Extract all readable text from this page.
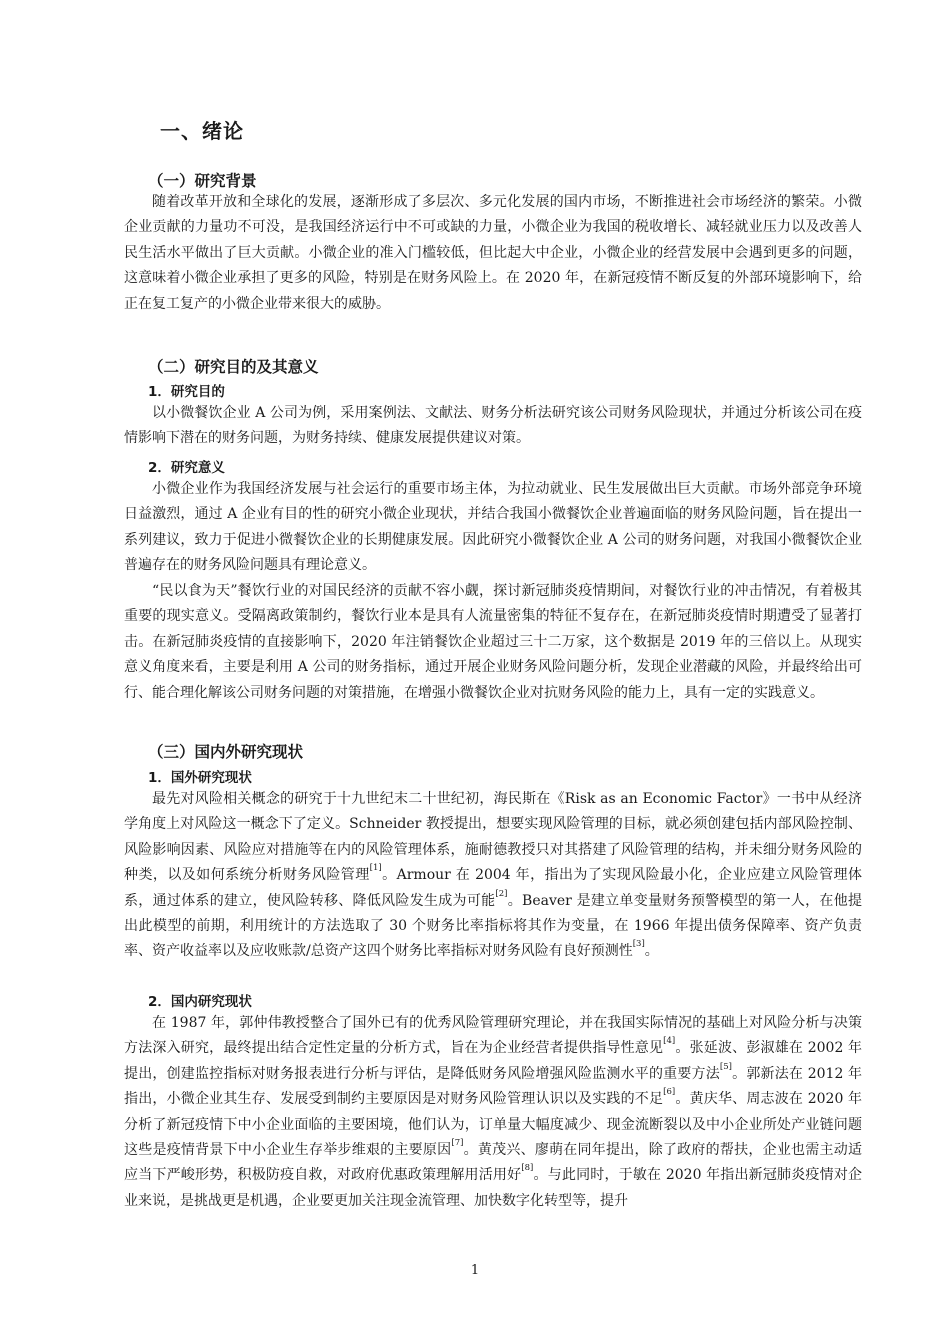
一、绪论
（一）研究背景
随着改革开放和全球化的发展，逐渐形成了多层次、多元化发展的国内市场，不断推进社会市场经济的繁荣。小微企业贡献的力量功不可没，是我国经济运行中不可或缺的力量，小微企业为我国的税收增长、减轻就业压力以及改善人民生活水平做出了巨大贡献。小微企业的准入门槛较低，但比起大中企业，小微企业的经营发展中会遇到更多的问题，这意味着小微企业承担了更多的风险，特别是在财务风险上。在 2020 年，在新冠疫情不断反复的外部环境影响下，给正在复工复产的小微企业带来很大的威胁。
（二）研究目的及其意义
1．研究目的
以小微餐饮企业 A 公司为例，采用案例法、文献法、财务分析法研究该公司财务风险现状，并通过分析该公司在疫情影响下潜在的财务问题，为财务持续、健康发展提供建议对策。
2．研究意义
小微企业作为我国经济发展与社会运行的重要市场主体，为拉动就业、民生发展做出巨大贡献。市场外部竞争环境日益激烈，通过 A 企业有目的性的研究小微企业现状，并结合我国小微餐饮企业普遍面临的财务风险问题，旨在提出一系列建议，致力于促进小微餐饮企业的长期健康发展。因此研究小微餐饮企业 A 公司的财务问题，对我国小微餐饮企业普遍存在的财务风险问题具有理论意义。
“民以食为天”餐饮行业的对国民经济的贡献不容小觑，探讨新冠肺炎疫情期间，对餐饮行业的冲击情况，有着极其重要的现实意义。受隔离政策制约，餐饮行业本是具有人流量密集的特征不复存在，在新冠肺炎疫情时期遭受了显著打击。在新冠肺炎疫情的直接影响下，2020 年注销餐饮企业超过三十二万家，这个数据是 2019 年的三倍以上。从现实意义角度来看，主要是利用 A 公司的财务指标，通过开展企业财务风险问题分析，发现企业潜藏的风险，并最终给出可行、能合理化解该公司财务问题的对策措施，在增强小微餐饮企业对抗财务风险的能力上，具有一定的实践意义。
（三）国内外研究现状
1．国外研究现状
最先对风险相关概念的研究于十九世纪末二十世纪初，海民斯在《Risk as an Economic Factor》一书中从经济学角度上对风险这一概念下了定义。Schneider 教授提出，想要实现风险管理的目标，就必须创建包括内部风险控制、风险影响因素、风险应对措施等在内的风险管理体系，施耐德教授只对其搭建了风险管理的结构，并未细分财务风险的种类，以及如何系统分析财务风险管理[1]。Armour 在 2004 年，指出为了实现风险最小化，企业应建立风险管理体系，通过体系的建立，使风险转移、降低风险发生成为可能[2]。Beaver 是建立单变量财务预警模型的第一人，在他提出此模型的前期，利用统计的方法选取了 30 个财务比率指标将其作为变量，在 1966 年提出债务保障率、资产负责率、资产收益率以及应收账款/总资产这四个财务比率指标对财务风险有良好预测性[3]。
2．国内研究现状
在 1987 年，郭仲伟教授整合了国外已有的优秀风险管理研究理论，并在我国实际情况的基础上对风险分析与决策方法深入研究，最终提出结合定性定量的分析方式，旨在为企业经营者提供指导性意见[4]。张延波、彭淑雄在 2002 年提出，创建监控指标对财务报表进行分析与评估，是降低财务风险增强风险监测水平的重要方法[5]。郭新法在 2012 年指出，小微企业其生存、发展受到制约主要原因是对财务风险管理认识以及实践的不足[6]。黄庆华、周志波在 2020 年分析了新冠疫情下中小企业面临的主要困境，他们认为，订单量大幅度减少、现金流断裂以及中小企业所处产业链问题这些是疫情背景下中小企业生存举步维艰的主要原因[7]。黄茂兴、廖萌在同年提出，除了政府的帮扶，企业也需主动适应当下严峻形势，积极防疫自救，对政府优惠政策理解用活用好[8]。与此同时，于敏在 2020 年指出新冠肺炎疫情对企业来说，是挑战更是机遇，企业要更加关注现金流管理、加快数字化转型等，提升
1
